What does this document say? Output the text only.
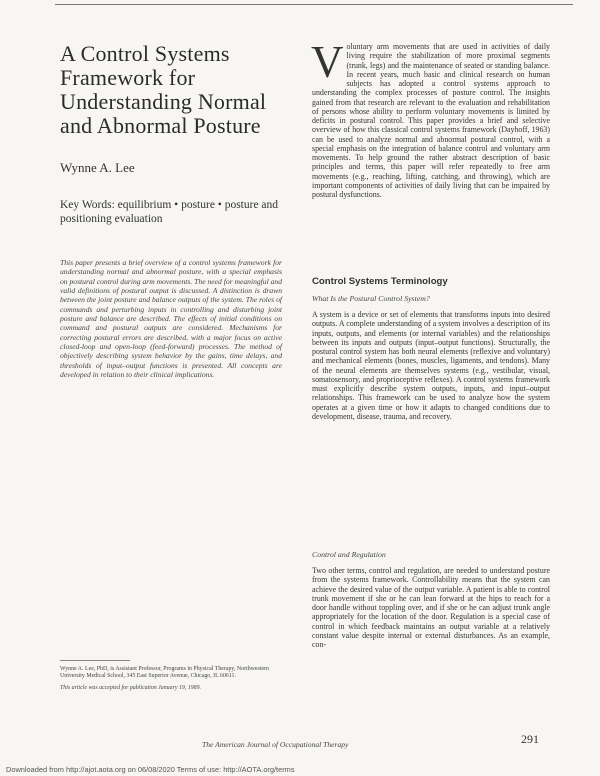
A Control Systems Framework for Understanding Normal and Abnormal Posture
Wynne A. Lee
Key Words: equilibrium • posture • posture and positioning evaluation

This paper presents a brief overview of a control systems framework for understanding normal and abnormal posture, with a special emphasis on postural control during arm movements. The need for meaningful and valid definitions of postural output is discussed. A distinction is drawn between the joint posture and balance outputs of the system. The roles of commands and perturbing inputs in controlling and disturbing joint posture and balance are described. The effects of initial conditions on command and postural outputs are considered. Mechanisms for correcting postural errors are described, with a major focus on active closed-loop and open-loop (feed-forward) processes. The method of objectively describing system behavior by the gains, time delays, and thresholds of input–output functions is presented. All concepts are developed in relation to their clinical implications.

Wynne A. Lee, PhD, is Assistant Professor, Programs in Physical Therapy, Northwestern University Medical School, 345 East Superior Avenue, Chicago, IL 60611.

This article was accepted for publication January 19, 1989.

V oluntary arm movements that are used in activities of daily living require the stabilization of more proximal segments (trunk, legs) and the maintenance of seated or standing balance. In recent years, much basic and clinical research on human subjects has adopted a control systems approach to understanding the complex processes of posture control. The insights gained from that research are relevant to the evaluation and rehabilitation of persons whose ability to perform voluntary movements is limited by deficits in postural control. This paper provides a brief and selective overview of how this classical control systems framework (Dayhoff, 1963) can be used to analyze normal and abnormal postural control, with a special emphasis on the integration of balance control and voluntary arm movements. To help ground the rather abstract description of basic principles and terms, this paper will refer repeatedly to free arm movements (e.g., reaching, lifting, catching, and throwing), which are important components of activities of daily living that can be impaired by postural dysfunctions.

Control Systems Terminology
What Is the Postural Control System?

A system is a device or set of elements that transforms inputs into desired outputs. A complete understanding of a system involves a description of its inputs, outputs, and elements (or internal variables) and the relationships between its inputs and outputs (input–output functions). Structurally, the postural control system has both neural elements (reflexive and voluntary) and mechanical elements (bones, muscles, ligaments, and tendons). Many of the neural elements are themselves systems (e.g., vestibular, visual, somatosensory, and proprioceptive reflexes). A control systems framework must explicitly describe system outputs, inputs, and input–output relationships. This framework can be used to analyze how the system operates at a given time or how it adapts to changed conditions due to development, disease, trauma, and recovery.

Control and Regulation

Two other terms, control and regulation, are needed to understand posture from the systems framework. Controllability means that the system can achieve the desired value of the output variable. A patient is able to control trunk movement if she or he can lean forward at the hips to reach for a door handle without toppling over, and if she or he can adjust trunk angle appropriately for the location of the door. Regulation is a special case of control in which feedback maintains an output variable at a relatively constant value despite internal or external disturbances. As an example, con-

The American Journal of Occupational Therapy	291
Downloaded from http://ajot.aota.org on 06/08/2020 Terms of use: http://AOTA.org/terms
